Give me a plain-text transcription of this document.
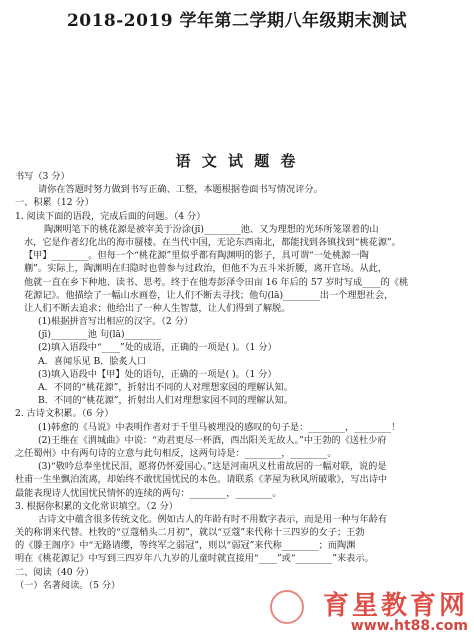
2018-2019 学年第二学期八年级期末测试
语 文 试 题 卷
书写（3 分）
请你在答题时努力做到书写正确、工整，本题根据卷面书写情况评分。
一、积累（12 分）
1. 阅读下面的语段，完成后面的问题。（4 分）
陶渊明笔下的桃花源是被宰美于汾涂(jī)________池、又为理想的光环所笼罩着的山
水，它是作者幻化出的海市蜃楼。在当代中国，无论东西南北，都能找到各镇找到“桃花源”。
【甲】________。但每一个“桃花源”里似乎都有陶渊明的影子，具可谓“一处桃源一陶
蒯”。实际上，陶渊明在归隐时也曾参与过政治，但他不为五斗米折腰，离开官场。从此，
他就一直在乡下种地、读书、思考。终于在他寿彭泽令田亩 16 年后的 57 岁时写成____的《桃
花源记》。他描绘了一幅山水画卷，让人们不断去寻找；他句(lā)________出一个理想社会，
让人们不断去追求；他给出了一种人生智慧，让人们得到了解脱。
(1)根据拼音写出相应的汉字。（2 分）
(jī)________池 句(lā)________
(2)填入语段中“____”处的成语，正确的一项是( )。（1 分）
A．喜闻乐见 B．脍炙人口
(3)填入语段中【甲】处的语句，正确的一项是( )。（1 分）
A．不同的“桃花源”，折射出不同的人对理想家园的理解认知。
B．不同的“桃花源”，折射出人们对理想家园不同的理解认知。
2. 古诗文积累。（6 分）
(1)韩愈的《马说》中表明作者对于千里马被埋没的感叹的句子是：________，________！
(2)王维在《渭城曲》中说：“劝君更尽一杯酒，西出阳关无故人。”中王勃的《送杜少府
之任蜀州》中有两句诗的立意与此句相反，这两句诗是：________，________。
(3)“敬吟总奉坐忧民泪，愿将仍怀爱国心。”这是河南巩义杜甫故居的一幅对联，说的是
杜甫一生坐飘泊流离，却始终不敢忧国忧民的本色。请联系《茅屋为秋风所破歌》，写出诗中
最能表现诗人忧国忧民情怀的连续的两句：________，________。
3. 根据你积累的文化常识填空。（2 分）
古诗文中蕴含很多传统文化。例如古人的年龄有时不用数字表示，而是用一种与年龄有
关的称谓来代替。杜牧的“豆蔻梢头二月初”，就以“豆蔻”来代称十三四岁的女子；王勃
的《滕王阁序》中“无路请缨，等终军之弱冠”，则以“弱冠”来代称________；而陶渊
明在《桃花源记》中写到三四岁年八九岁的儿童时就直接用“____”或“________”来表示。
二、阅读（40 分）
（一）名著阅读。（5 分）
育星教育网
www.ht88.com
